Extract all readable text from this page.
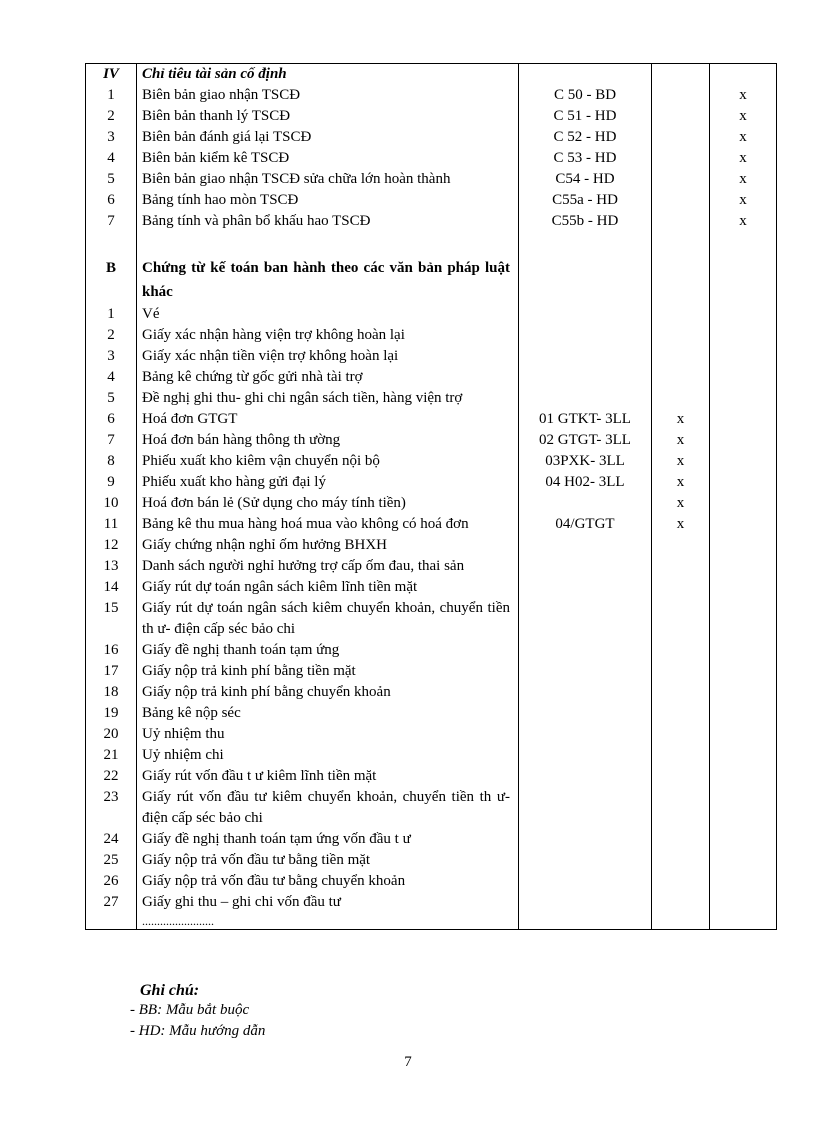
IV	Chỉ tiêu tài sản cố định			

1	Biên bản giao nhận TSCĐ	C 50 - BD		x

2	Biên bản thanh lý TSCĐ	C 51 - HD		x

3	Biên bản đánh giá lại TSCĐ	C 52 - HD		x

4	Biên bản kiểm kê TSCĐ	C 53 - HD		x

5	Biên bản giao nhận TSCĐ sửa chữa lớn hoàn thành	C54 - HD		x

6	Bảng tính hao mòn TSCĐ	C55a - HD		x

7	Bảng tính và phân bổ khấu hao TSCĐ	C55b - HD		x

B	Chứng từ kế toán ban hành theo các văn bản pháp luật khác			

1	Vé			

2	Giấy xác nhận hàng viện trợ không hoàn lại			

3	Giấy xác nhận tiền viện trợ không hoàn lại			

4	Bảng kê chứng từ gốc gửi nhà tài trợ			

5	Đề nghị ghi thu- ghi chi ngân sách tiền, hàng viện trợ			

6	Hoá đơn GTGT	01 GTKT- 3LL	x	

7	Hoá đơn bán hàng thông th ường	02 GTGT- 3LL	x	

8	Phiếu xuất kho kiêm vận chuyển nội bộ	03PXK- 3LL	x	

9	Phiếu xuất kho hàng gửi đại lý	04 H02- 3LL	x	

10	Hoá đơn bán lẻ (Sử dụng cho máy tính tiền)		x	

11	Bảng kê thu mua hàng hoá mua vào không có hoá đơn	04/GTGT	x	

12	Giấy chứng nhận nghỉ ốm hưởng BHXH			

13	Danh sách người nghỉ hưởng trợ cấp ốm đau, thai sản			

14	Giấy rút dự toán ngân sách kiêm lĩnh tiền mặt			

15	Giấy rút dự toán ngân sách kiêm chuyển khoản, chuyển tiền th ư- điện cấp séc bảo chi			

16	Giấy đề nghị thanh toán tạm ứng			

17	Giấy nộp trả kinh phí bằng tiền mặt			

18	Giấy nộp trả kinh phí bằng chuyển khoản			

19	Bảng kê nộp séc			

20	Uỷ nhiệm thu			

21	Uỷ nhiệm chi			

22	Giấy rút vốn đầu t ư kiêm lĩnh tiền mặt			

23	Giấy rút vốn đầu tư kiêm chuyển khoản, chuyển tiền th ư- điện cấp séc bảo chi			

24	Giấy đề nghị thanh toán tạm ứng vốn đầu t ư			

25	Giấy nộp trả vốn đầu tư bằng tiền mặt			

26	Giấy nộp trả vốn đầu tư bằng chuyển khoản			

27	Giấy ghi thu – ghi chi vốn đầu tư			

	........................			

Ghi chú:
- BB: Mẫu bắt buộc
- HD: Mẫu hướng dẫn
7
